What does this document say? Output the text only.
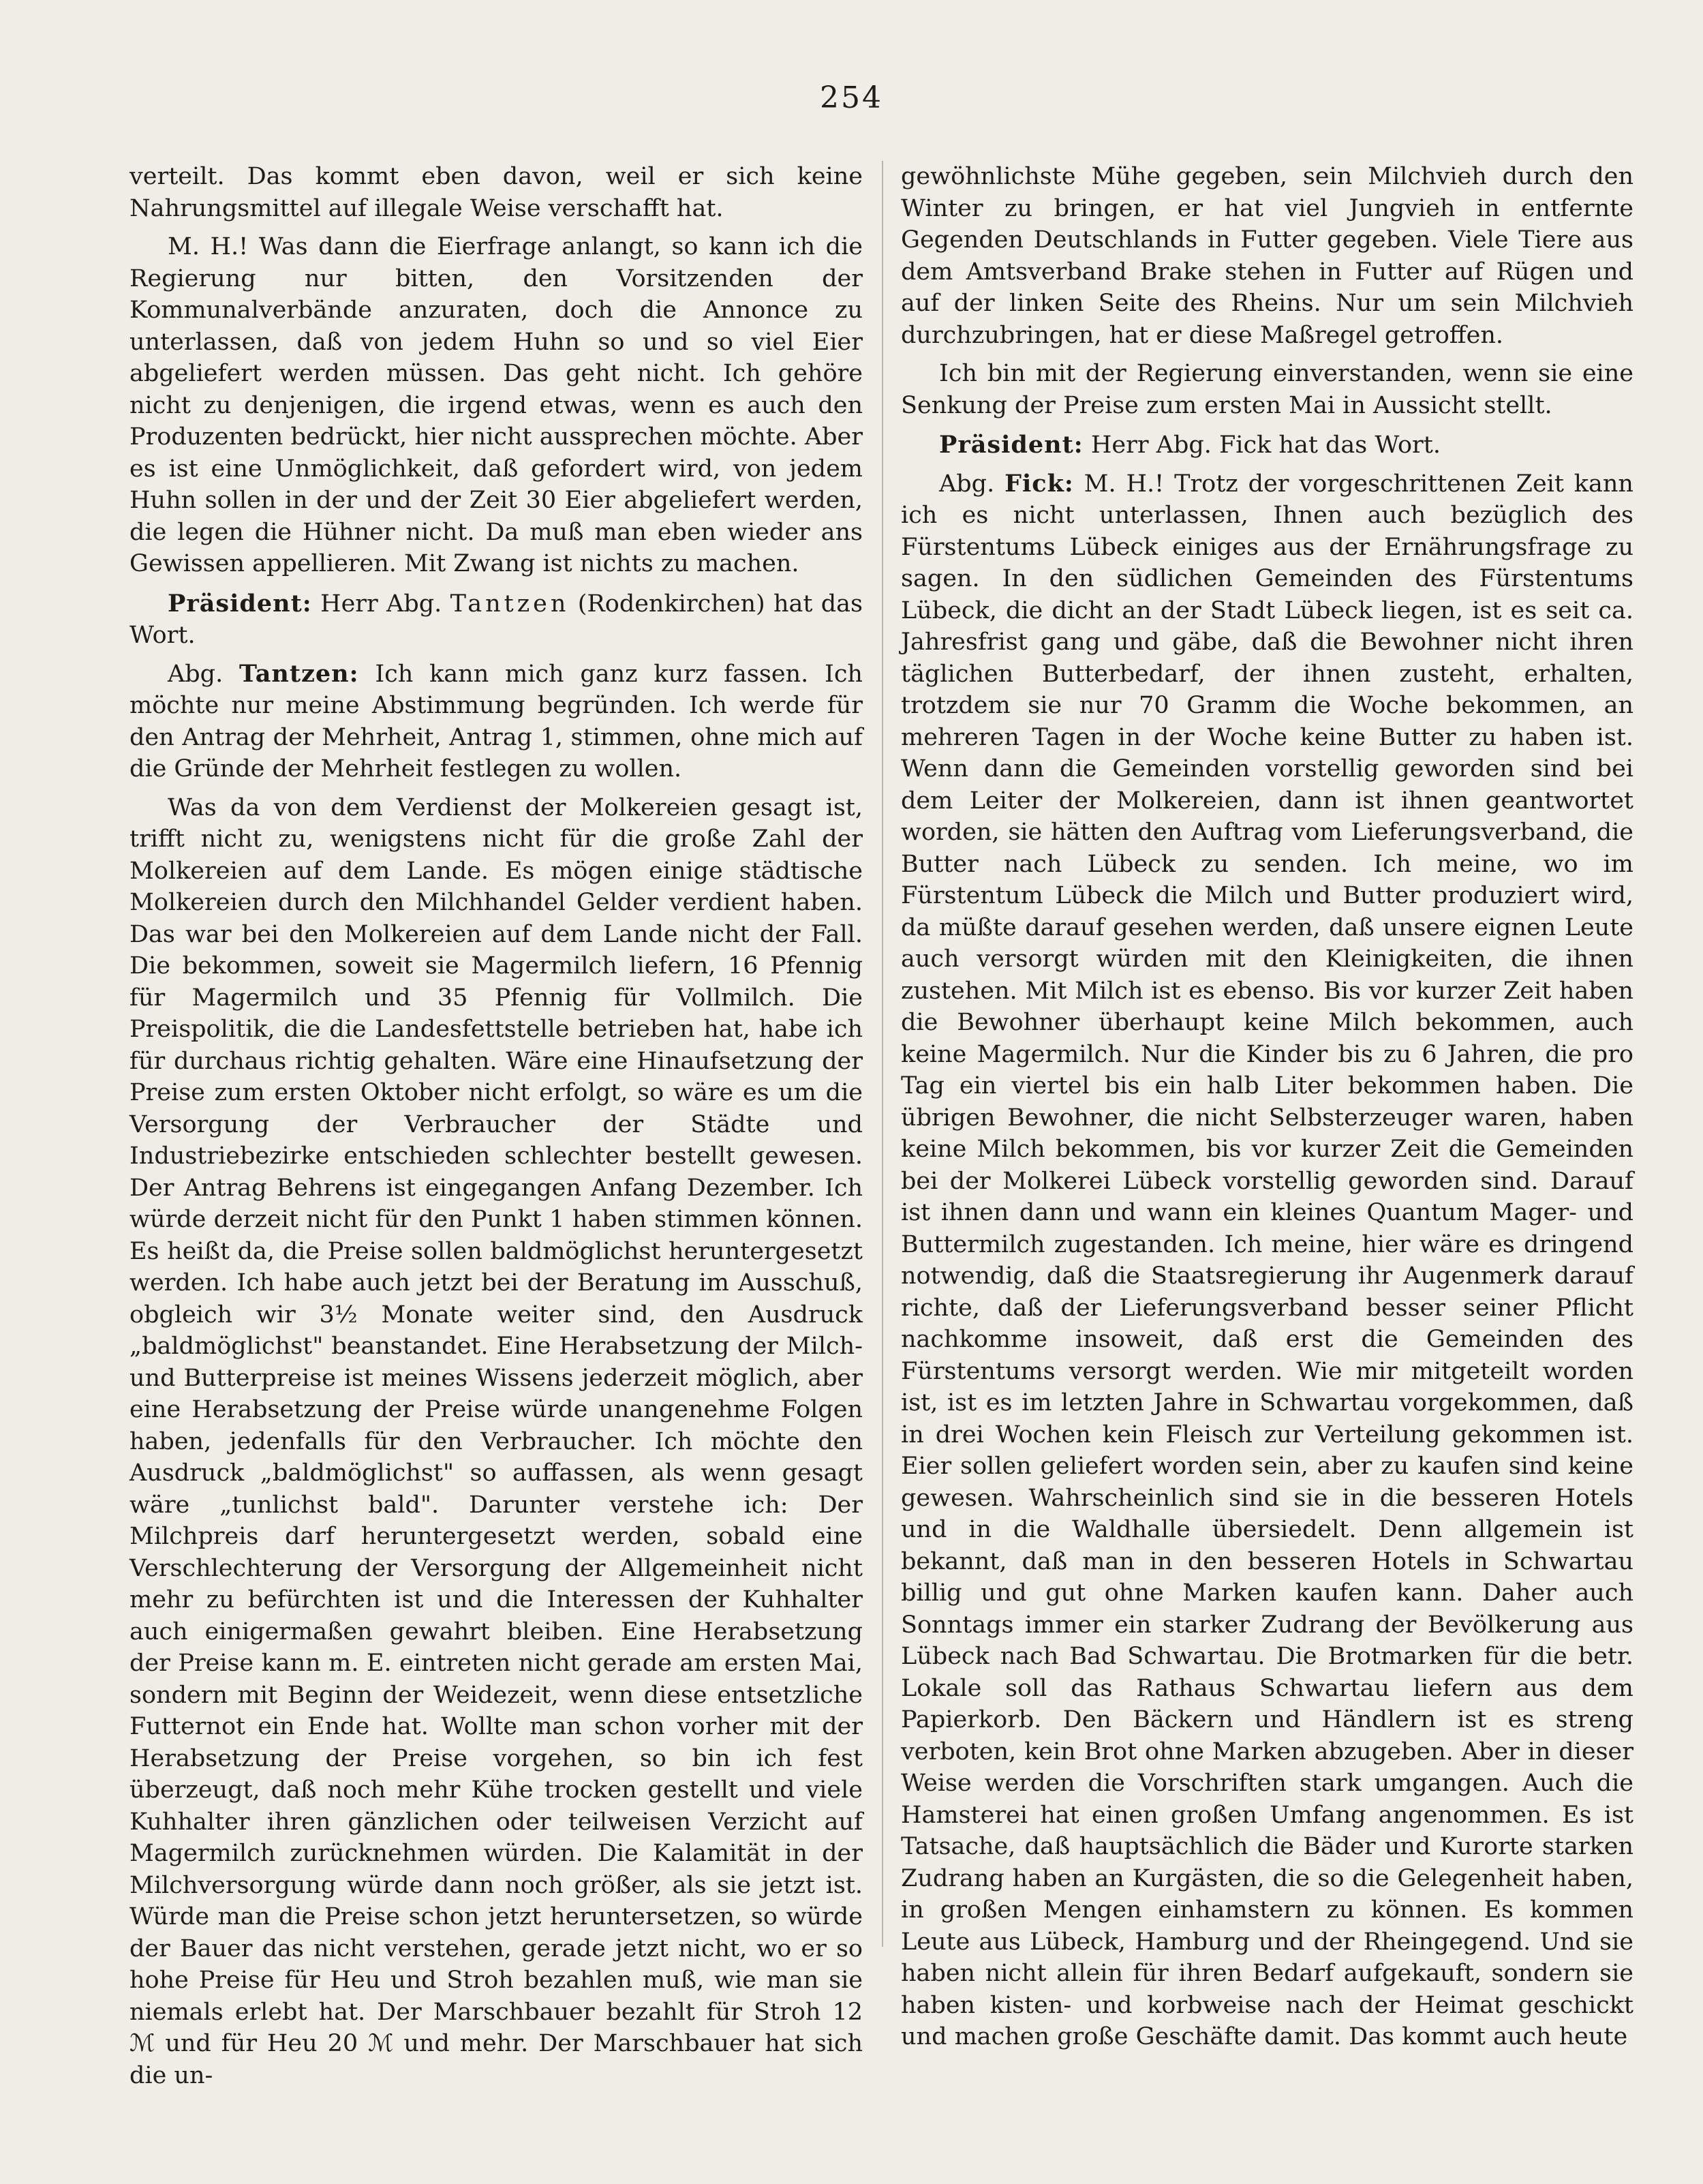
254

verteilt. Das kommt eben davon, weil er sich keine Nahrungsmittel auf illegale Weise verschafft hat.

M. H.! Was dann die Eierfrage anlangt, so kann ich die Regierung nur bitten, den Vorsitzenden der Kommunalverbände anzuraten, doch die Annonce zu unterlassen, daß von jedem Huhn so und so viel Eier abgeliefert werden müssen. Das geht nicht. Ich gehöre nicht zu denjenigen, die irgend etwas, wenn es auch den Produzenten bedrückt, hier nicht aussprechen möchte. Aber es ist eine Unmöglichkeit, daß gefordert wird, von jedem Huhn sollen in der und der Zeit 30 Eier abgeliefert werden, die legen die Hühner nicht. Da muß man eben wieder ans Gewissen appellieren. Mit Zwang ist nichts zu machen.

Präsident: Herr Abg. Tantzen (Rodenkirchen) hat das Wort.

Abg. Tantzen: Ich kann mich ganz kurz fassen. Ich möchte nur meine Abstimmung begründen. Ich werde für den Antrag der Mehrheit, Antrag 1, stimmen, ohne mich auf die Gründe der Mehrheit festlegen zu wollen.

Was da von dem Verdienst der Molkereien gesagt ist, trifft nicht zu, wenigstens nicht für die große Zahl der Molkereien auf dem Lande. Es mögen einige städtische Molkereien durch den Milchhandel Gelder verdient haben. Das war bei den Molkereien auf dem Lande nicht der Fall. Die bekommen, soweit sie Magermilch liefern, 16 Pfennig für Magermilch und 35 Pfennig für Vollmilch. Die Preispolitik, die die Landesfettstelle betrieben hat, habe ich für durchaus richtig gehalten. Wäre eine Hinaufsetzung der Preise zum ersten Oktober nicht erfolgt, so wäre es um die Versorgung der Verbraucher der Städte und Industriebezirke entschieden schlechter bestellt gewesen. Der Antrag Behrens ist eingegangen Anfang Dezember. Ich würde derzeit nicht für den Punkt 1 haben stimmen können. Es heißt da, die Preise sollen baldmöglichst heruntergesetzt werden. Ich habe auch jetzt bei der Beratung im Ausschuß, obgleich wir 3½ Monate weiter sind, den Ausdruck „baldmöglichst" beanstandet. Eine Herabsetzung der Milch- und Butterpreise ist meines Wissens jederzeit möglich, aber eine Herabsetzung der Preise würde unangenehme Folgen haben, jedenfalls für den Verbraucher. Ich möchte den Ausdruck „baldmöglichst" so auffassen, als wenn gesagt wäre „tunlichst bald". Darunter verstehe ich: Der Milchpreis darf heruntergesetzt werden, sobald eine Verschlechterung der Versorgung der Allgemeinheit nicht mehr zu befürchten ist und die Interessen der Kuhhalter auch einigermaßen gewahrt bleiben. Eine Herabsetzung der Preise kann m. E. eintreten nicht gerade am ersten Mai, sondern mit Beginn der Weidezeit, wenn diese entsetzliche Futternot ein Ende hat. Wollte man schon vorher mit der Herabsetzung der Preise vorgehen, so bin ich fest überzeugt, daß noch mehr Kühe trocken gestellt und viele Kuhhalter ihren gänzlichen oder teilweisen Verzicht auf Magermilch zurücknehmen würden. Die Kalamität in der Milchversorgung würde dann noch größer, als sie jetzt ist. Würde man die Preise schon jetzt heruntersetzen, so würde der Bauer das nicht verstehen, gerade jetzt nicht, wo er so hohe Preise für Heu und Stroh bezahlen muß, wie man sie niemals erlebt hat. Der Marschbauer bezahlt für Stroh 12 ℳ und für Heu 20 ℳ und mehr. Der Marschbauer hat sich die un-

gewöhnlichste Mühe gegeben, sein Milchvieh durch den Winter zu bringen, er hat viel Jungvieh in entfernte Gegenden Deutschlands in Futter gegeben. Viele Tiere aus dem Amtsverband Brake stehen in Futter auf Rügen und auf der linken Seite des Rheins. Nur um sein Milchvieh durchzubringen, hat er diese Maßregel getroffen.

Ich bin mit der Regierung einverstanden, wenn sie eine Senkung der Preise zum ersten Mai in Aussicht stellt.

Präsident: Herr Abg. Fick hat das Wort.

Abg. Fick: M. H.! Trotz der vorgeschrittenen Zeit kann ich es nicht unterlassen, Ihnen auch bezüglich des Fürstentums Lübeck einiges aus der Ernährungsfrage zu sagen. In den südlichen Gemeinden des Fürstentums Lübeck, die dicht an der Stadt Lübeck liegen, ist es seit ca. Jahresfrist gang und gäbe, daß die Bewohner nicht ihren täglichen Butterbedarf, der ihnen zusteht, erhalten, trotzdem sie nur 70 Gramm die Woche bekommen, an mehreren Tagen in der Woche keine Butter zu haben ist. Wenn dann die Gemeinden vorstellig geworden sind bei dem Leiter der Molkereien, dann ist ihnen geantwortet worden, sie hätten den Auftrag vom Lieferungsverband, die Butter nach Lübeck zu senden. Ich meine, wo im Fürstentum Lübeck die Milch und Butter produziert wird, da müßte darauf gesehen werden, daß unsere eignen Leute auch versorgt würden mit den Kleinigkeiten, die ihnen zustehen. Mit Milch ist es ebenso. Bis vor kurzer Zeit haben die Bewohner überhaupt keine Milch bekommen, auch keine Magermilch. Nur die Kinder bis zu 6 Jahren, die pro Tag ein viertel bis ein halb Liter bekommen haben. Die übrigen Bewohner, die nicht Selbsterzeuger waren, haben keine Milch bekommen, bis vor kurzer Zeit die Gemeinden bei der Molkerei Lübeck vorstellig geworden sind. Darauf ist ihnen dann und wann ein kleines Quantum Mager- und Buttermilch zugestanden. Ich meine, hier wäre es dringend notwendig, daß die Staatsregierung ihr Augenmerk darauf richte, daß der Lieferungsverband besser seiner Pflicht nachkomme insoweit, daß erst die Gemeinden des Fürstentums versorgt werden. Wie mir mitgeteilt worden ist, ist es im letzten Jahre in Schwartau vorgekommen, daß in drei Wochen kein Fleisch zur Verteilung gekommen ist. Eier sollen geliefert worden sein, aber zu kaufen sind keine gewesen. Wahrscheinlich sind sie in die besseren Hotels und in die Waldhalle übersiedelt. Denn allgemein ist bekannt, daß man in den besseren Hotels in Schwartau billig und gut ohne Marken kaufen kann. Daher auch Sonntags immer ein starker Zudrang der Bevölkerung aus Lübeck nach Bad Schwartau. Die Brotmarken für die betr. Lokale soll das Rathaus Schwartau liefern aus dem Papierkorb. Den Bäckern und Händlern ist es streng verboten, kein Brot ohne Marken abzugeben. Aber in dieser Weise werden die Vorschriften stark umgangen. Auch die Hamsterei hat einen großen Umfang angenommen. Es ist Tatsache, daß hauptsächlich die Bäder und Kurorte starken Zudrang haben an Kurgästen, die so die Gelegenheit haben, in großen Mengen einhamstern zu können. Es kommen Leute aus Lübeck, Hamburg und der Rheingegend. Und sie haben nicht allein für ihren Bedarf aufgekauft, sondern sie haben kisten- und korbweise nach der Heimat geschickt und machen große Geschäfte damit. Das kommt auch heute
